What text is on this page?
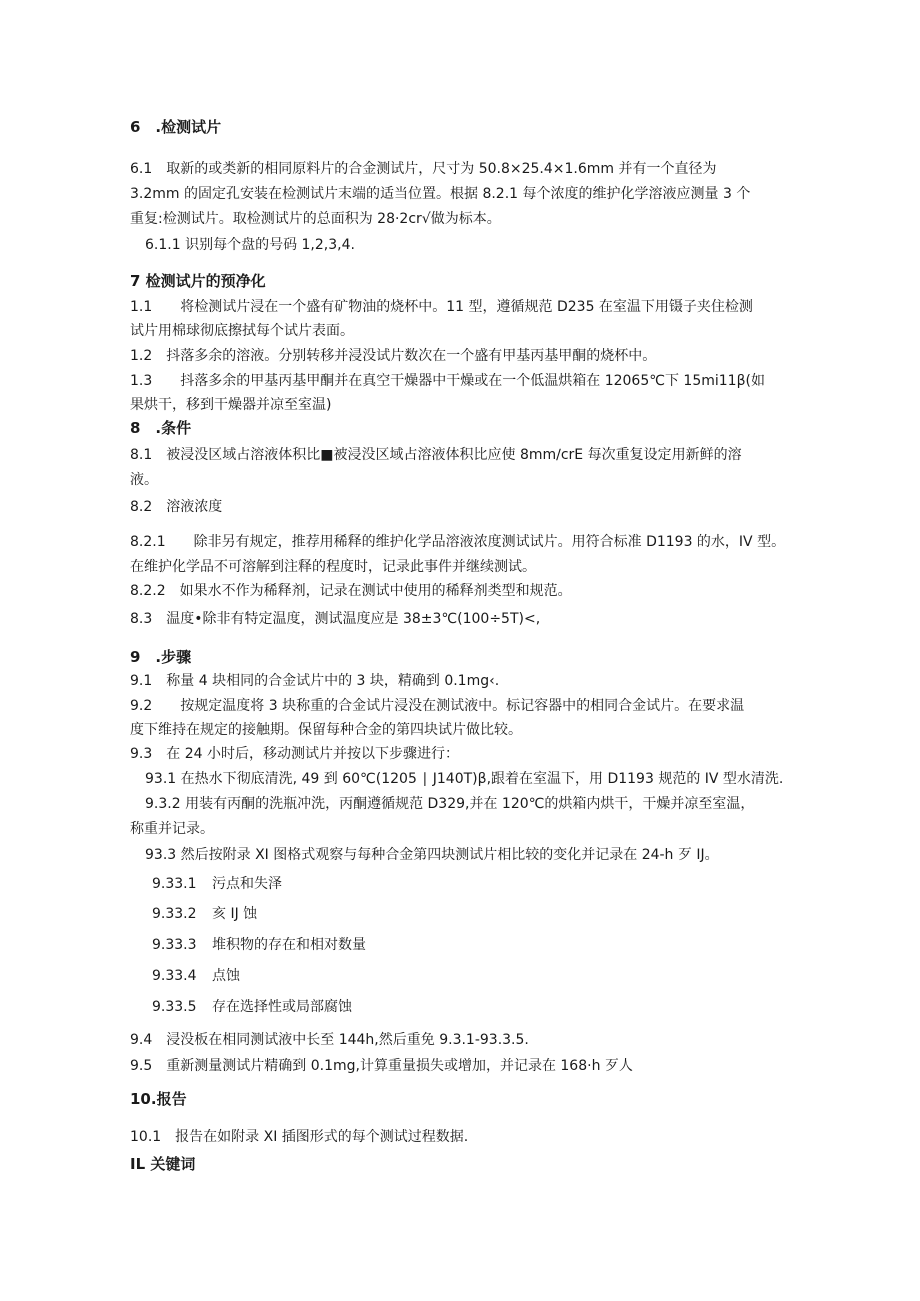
6　.检测试片
6.1　取新的或类新的相同原料片的合金测试片，尺寸为 50.8×25.4×1.6mm 并有一个直径为
3.2mm 的固定孔安装在检测试片末端的适当位置。根据 8.2.1 每个浓度的维护化学溶液应测量 3 个
重复:检测试片。取检测试片的总面积为 28·2cr√做为标本。
6.1.1 识别每个盘的号码 1,2,3,4.
7 检测试片的预净化
1.1　　将检测试片浸在一个盛有矿物油的烧杯中。11 型，遵循规范 D235 在室温下用镊子夹住检测
试片用棉球彻底擦拭每个试片表面。
1.2　抖落多余的溶液。分别转移并浸没试片数次在一个盛有甲基丙基甲酮的烧杯中。
1.3　　抖落多余的甲基丙基甲酮并在真空干燥器中干燥或在一个低温烘箱在 12065℃下 15mi11β(如
果烘干，移到干燥器并凉至室温)
8　.条件
8.1　被浸没区域占溶液体积比■被浸没区域占溶液体积比应使 8mm∕crE 每次重复设定用新鲜的溶
液。
8.2　溶液浓度
8.2.1　　除非另有规定，推荐用稀释的维护化学品溶液浓度测试试片。用符合标准 D1193 的水，IV 型。
在维护化学品不可溶解到注释的程度时，记录此事件并继续测试。
8.2.2　如果水不作为稀释剂，记录在测试中使用的稀释剂类型和规范。
8.3　温度•除非有特定温度，测试温度应是 38±3℃(100÷5T)<,
9　.步骤
9.1　称量 4 块相同的合金试片中的 3 块，精确到 0.1mg‹.
9.2　　按规定温度将 3 块称重的合金试片浸没在测试液中。标记容器中的相同合金试片。在要求温
度下维持在规定的接触期。保留每种合金的第四块试片做比较。
9.3　在 24 小时后，移动测试片并按以下步骤进行：
93.1 在热水下彻底清洗, 49 到 60℃(1205 ∣ J140T)β,跟着在室温下，用 D1193 规范的 IV 型水清洗.
9.3.2 用装有丙酮的洗瓶冲洗，丙酮遵循规范 D329,并在 120℃的烘箱内烘干，干燥并凉至室温，
称重并记录。
93.3 然后按附录 XI 图格式观察与每种合金第四块测试片相比较的变化并记录在 24-h 歹 IJ。
9.33.1 污点和失泽
9.33.2 亥 IJ 蚀
9.33.3 堆积物的存在和相对数量
9.33.4 点蚀
9.33.5 存在选择性或局部腐蚀
9.4　浸没板在相同测试液中长至 144h,然后重免 9.3.1-93.3.5.
9.5　重新测量测试片精确到 0.1mg,计算重量损失或增加，并记录在 168·h 歹人
10.报告
10.1　报告在如附录 XI 插图形式的每个测试过程数据.
IL 关键词
